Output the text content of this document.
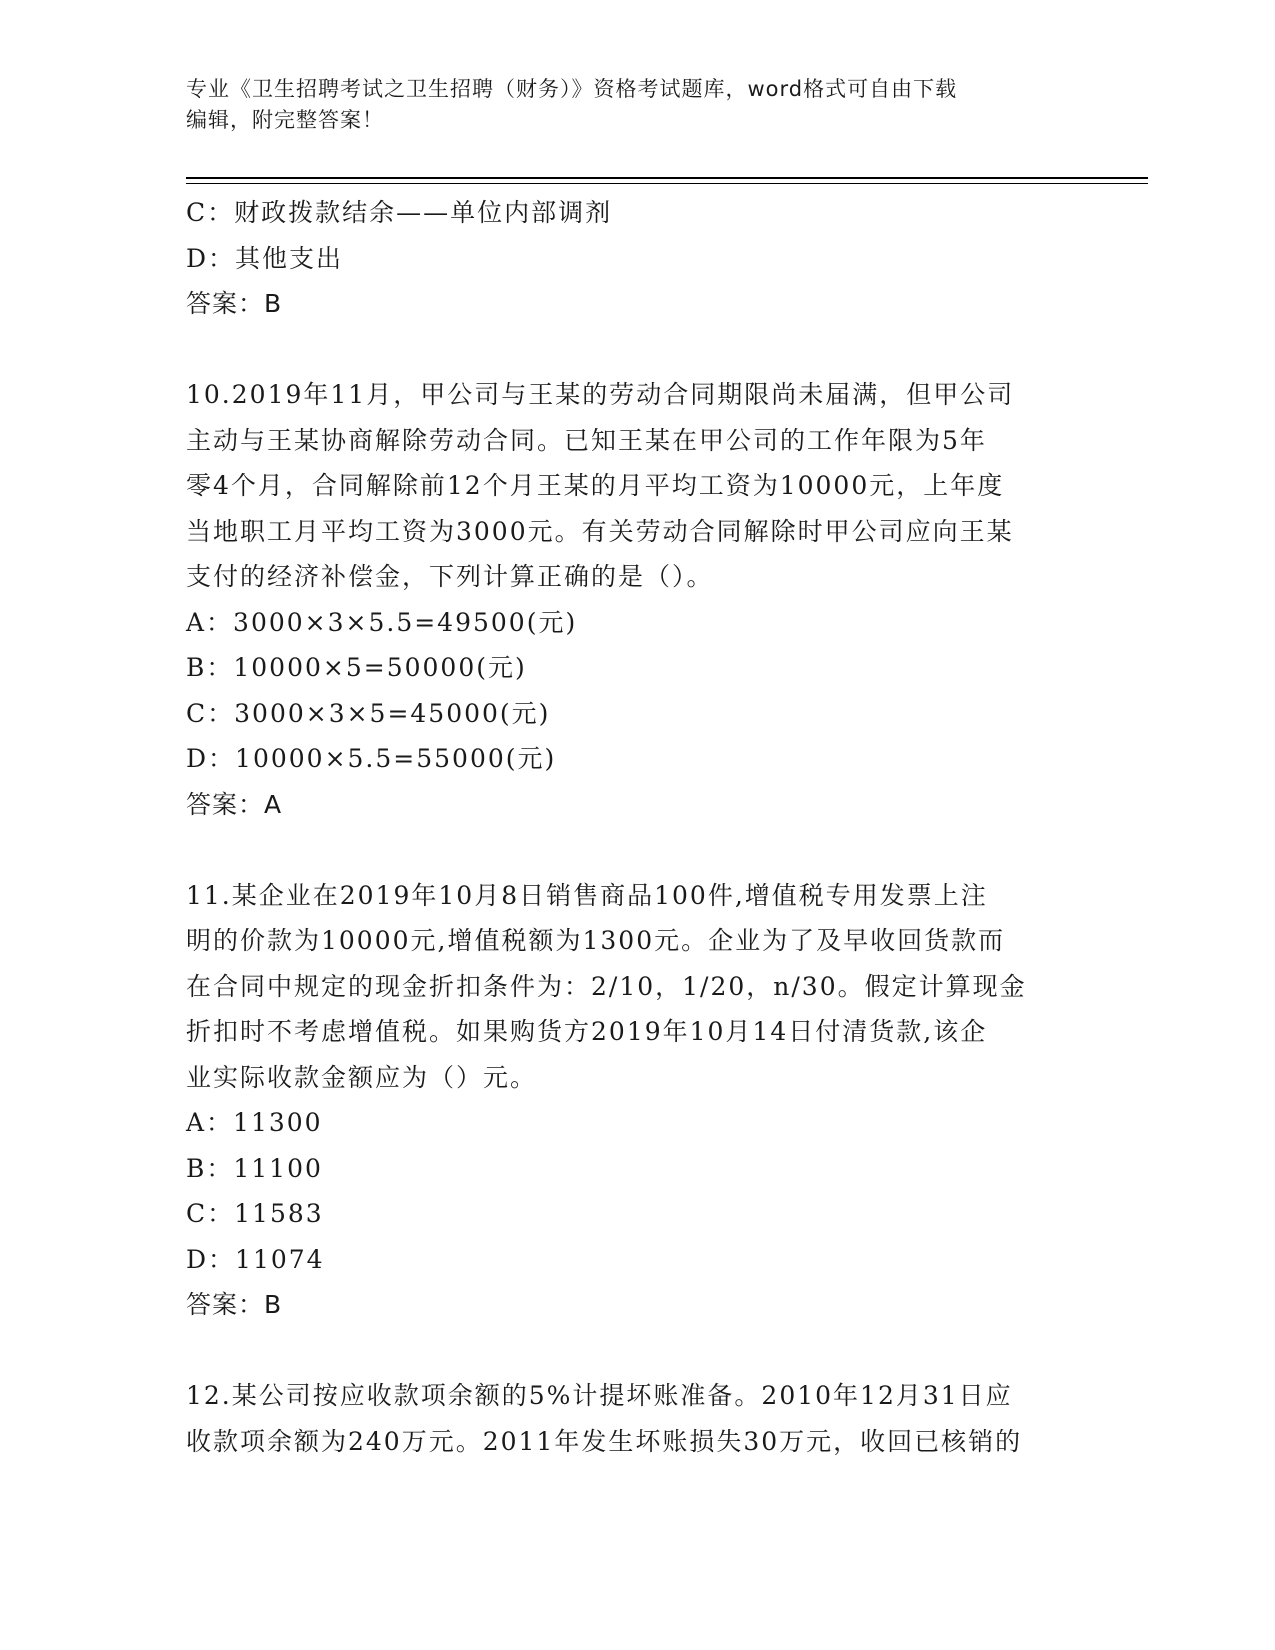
专业《卫生招聘考试之卫生招聘（财务）》资格考试题库，word格式可自由下载
编辑，附完整答案！
C：财政拨款结余——单位内部调剂
D：其他支出
答案：B
10.2019年11月，甲公司与王某的劳动合同期限尚未届满，但甲公司
主动与王某协商解除劳动合同。已知王某在甲公司的工作年限为5年
零4个月，合同解除前12个月王某的月平均工资为10000元，上年度
当地职工月平均工资为3000元。有关劳动合同解除时甲公司应向王某
支付的经济补偿金，下列计算正确的是（）。
A：3000×3×5.5=49500(元)
B：10000×5=50000(元)
C：3000×3×5=45000(元)
D：10000×5.5=55000(元)
答案：A
11.某企业在2019年10月8日销售商品100件,增值税专用发票上注
明的价款为10000元,增值税额为1300元。企业为了及早收回货款而
在合同中规定的现金折扣条件为：2/10，1/20，n/30。假定计算现金
折扣时不考虑增值税。如果购货方2019年10月14日付清货款,该企
业实际收款金额应为（）元。
A：11300
B：11100
C：11583
D：11074
答案：B
12.某公司按应收款项余额的5%计提坏账准备。2010年12月31日应
收款项余额为240万元。2011年发生坏账损失30万元，收回已核销的
